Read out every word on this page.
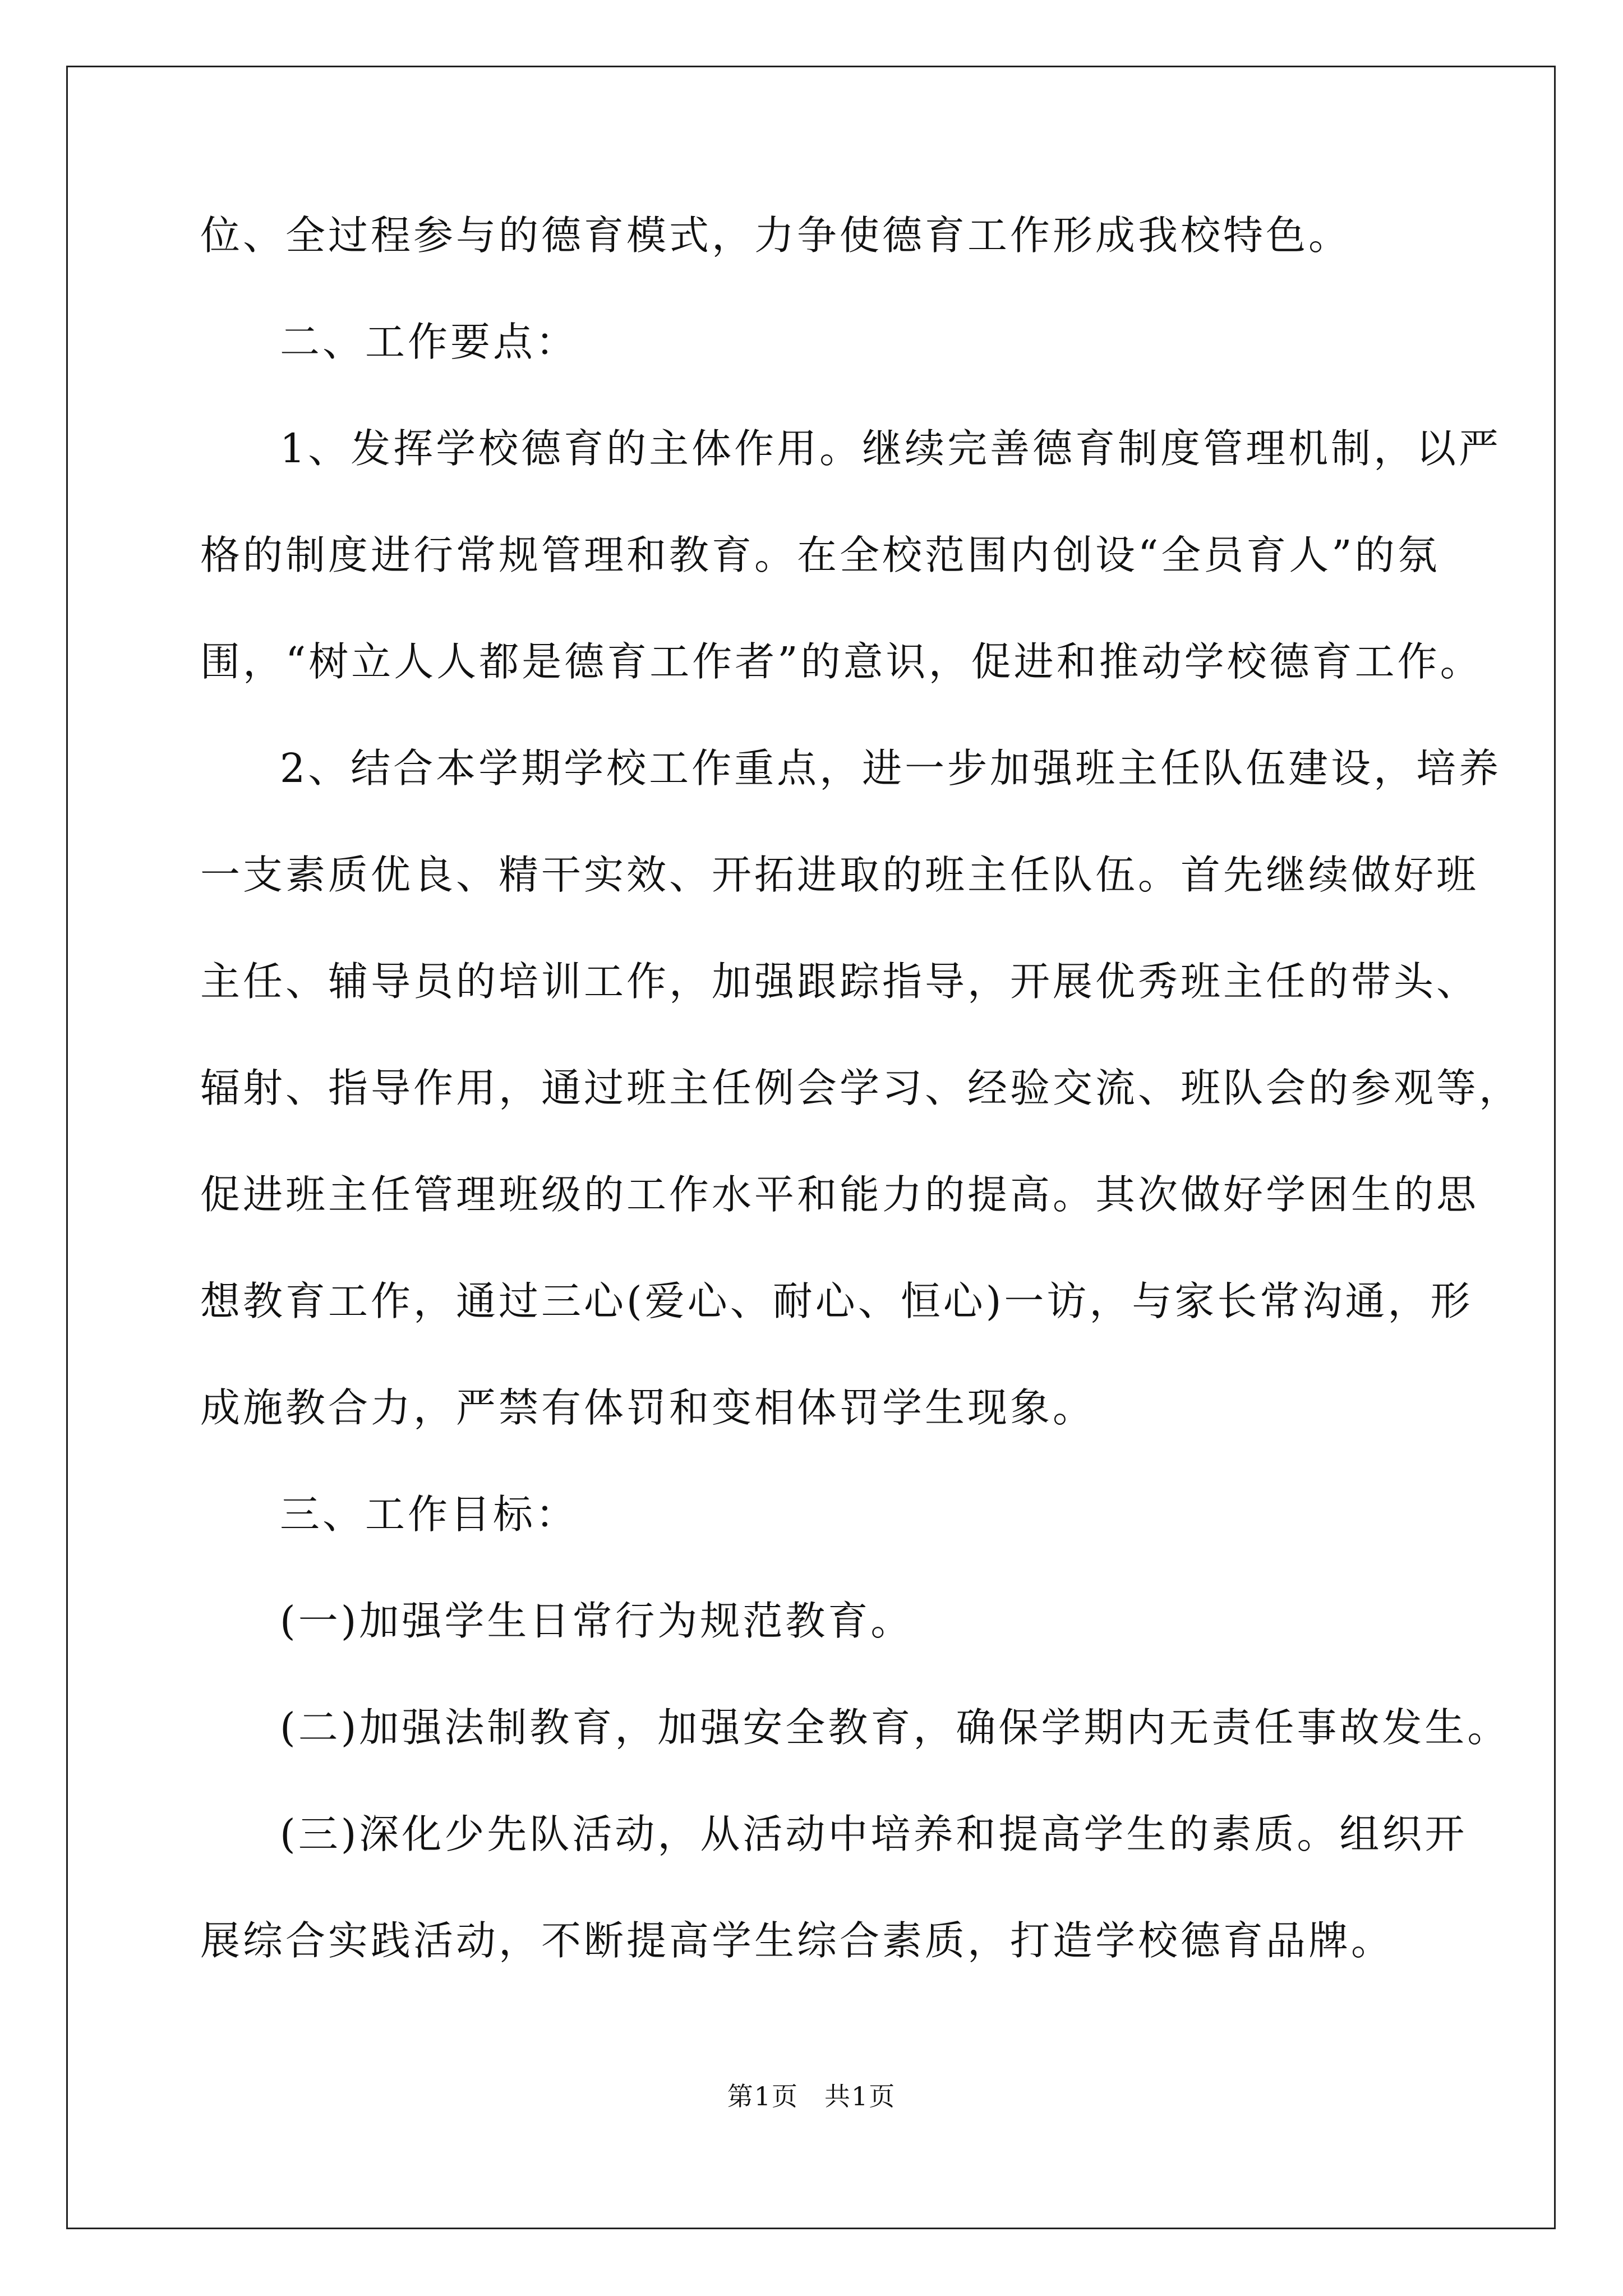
位、全过程参与的德育模式，力争使德育工作形成我校特色。
二、工作要点：
1、发挥学校德育的主体作用。继续完善德育制度管理机制，以严
格的制度进行常规管理和教育。在全校范围内创设“全员育人”的氛
围，“树立人人都是德育工作者”的意识，促进和推动学校德育工作。
2、结合本学期学校工作重点，进一步加强班主任队伍建设，培养
一支素质优良、精干实效、开拓进取的班主任队伍。首先继续做好班
主任、辅导员的培训工作，加强跟踪指导，开展优秀班主任的带头、
辐射、指导作用，通过班主任例会学习、经验交流、班队会的参观等，
促进班主任管理班级的工作水平和能力的提高。其次做好学困生的思
想教育工作，通过三心(爱心、耐心、恒心)一访，与家长常沟通，形
成施教合力，严禁有体罚和变相体罚学生现象。
三、工作目标：
(一)加强学生日常行为规范教育。
(二)加强法制教育，加强安全教育，确保学期内无责任事故发生。
(三)深化少先队活动，从活动中培养和提高学生的素质。组织开
展综合实践活动，不断提高学生综合素质，打造学校德育品牌。
第1页 共1页
